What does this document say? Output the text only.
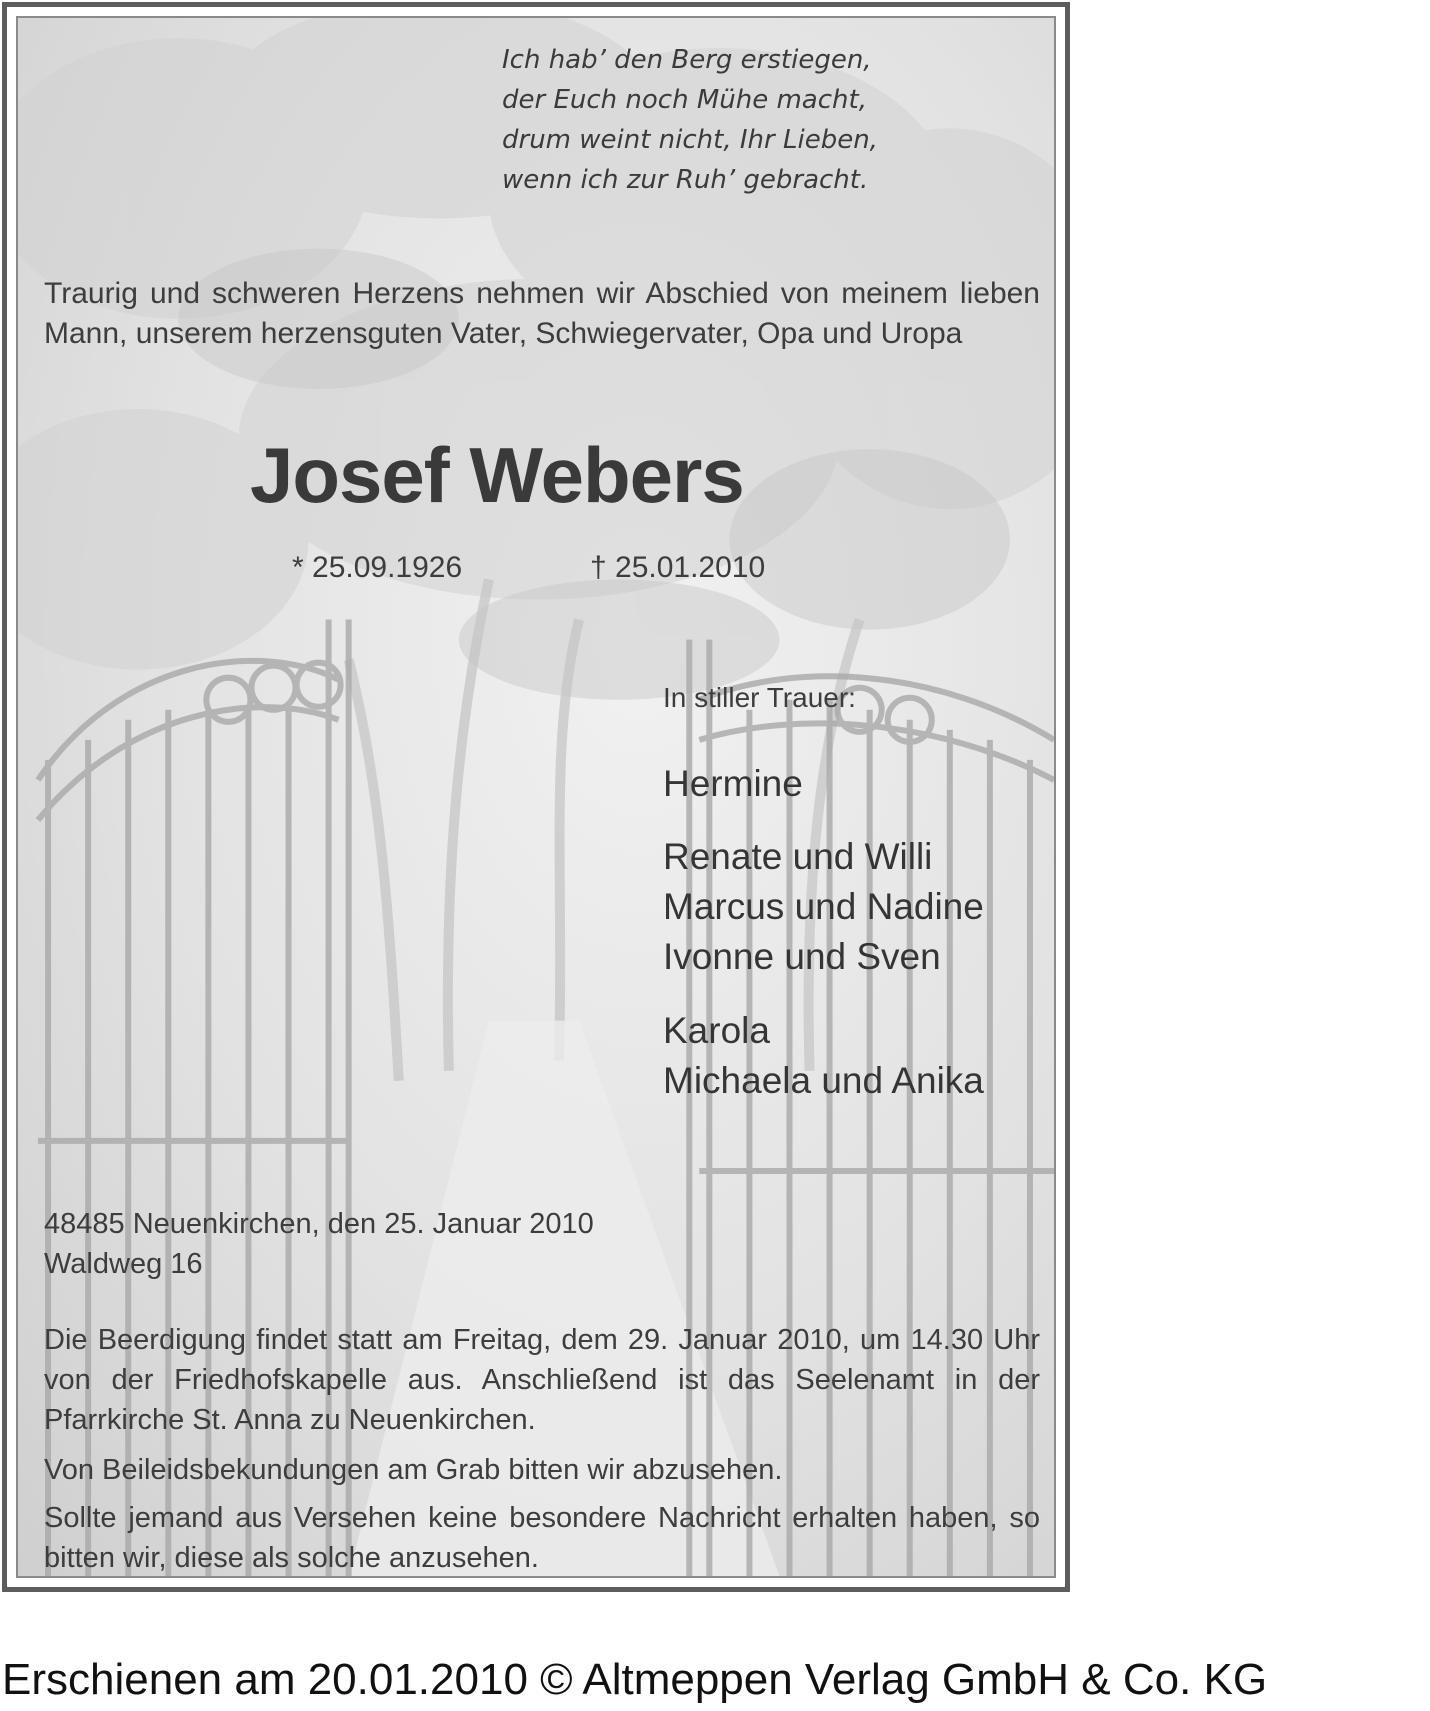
Ich hab’ den Berg erstiegen,
der Euch noch Mühe macht,
drum weint nicht, Ihr Lieben,
wenn ich zur Ruh’ gebracht.

Traurig und schweren Herzens nehmen wir Abschied von meinem lieben Mann, unserem herzensguten Vater, Schwiegervater, Opa und Uropa

Josef Webers
* 25.09.1926	† 25.01.2010
In stiller Trauer:
Hermine
Renate und Willi
Marcus und Nadine
Ivonne und Sven
Karola
Michaela und Anika
48485 Neuenkirchen, den 25. Januar 2010
Waldweg 16

Die Beerdigung findet statt am Freitag, dem 29. Januar 2010, um 14.30 Uhr von der Friedhofskapelle aus. Anschließend ist das Seelenamt in der Pfarrkirche St. Anna zu Neuenkirchen.

Von Beileidsbekundungen am Grab bitten wir abzusehen.

Sollte jemand aus Versehen keine besondere Nachricht erhalten haben, so bitten wir, diese als solche anzusehen.

Erschienen am 20.01.2010 © Altmeppen Verlag GmbH & Co. KG
